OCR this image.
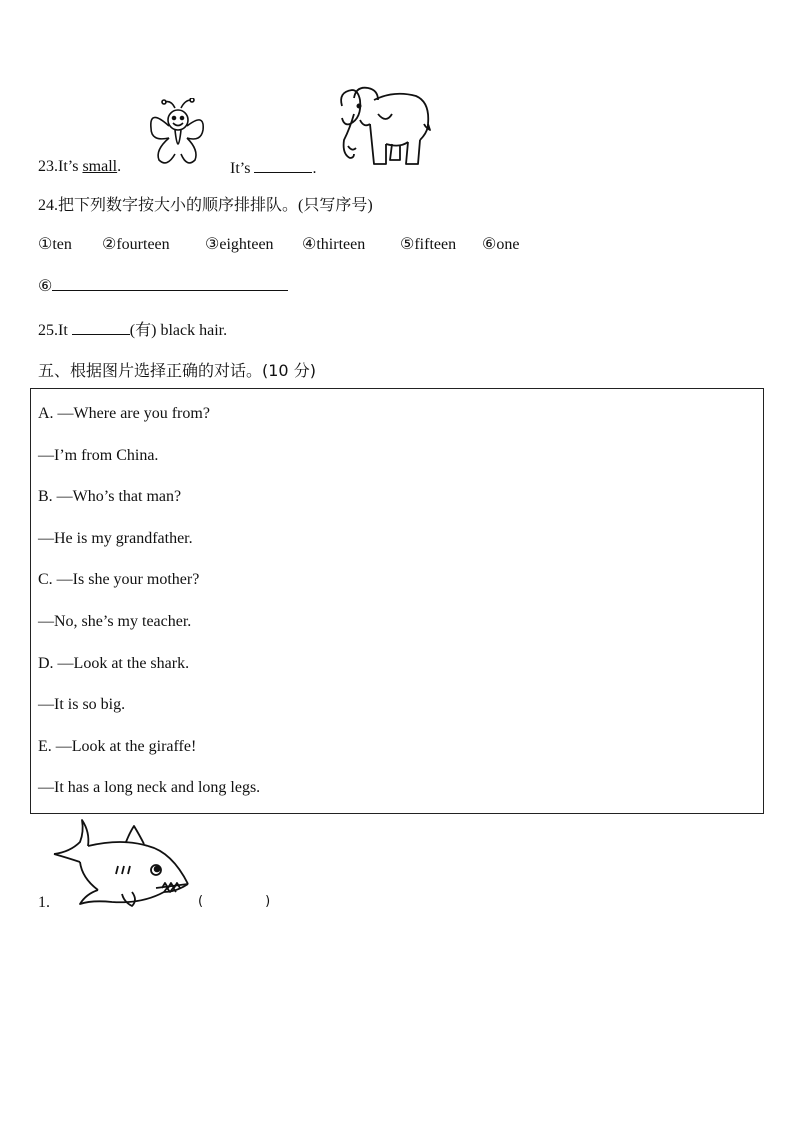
23.It’s small.	It’s	.
24.把下列数字按大小的顺序排排队。(只写序号)
①ten ②fourteen ③eighteen ④thirteen ⑤fifteen ⑥one
⑥
25.It	(有) black hair.
五、根据图片选择正确的对话。(10 分)
A. —Where are you from?
—I’m from China.
B. —Who’s that man?
—He is my grandfather.
C. —Is she your mother?
—No, she’s my teacher.
D. —Look at the shark.
—It is so big.
E. —Look at the giraffe!
—It has a long neck and long legs.
1.	(	)
